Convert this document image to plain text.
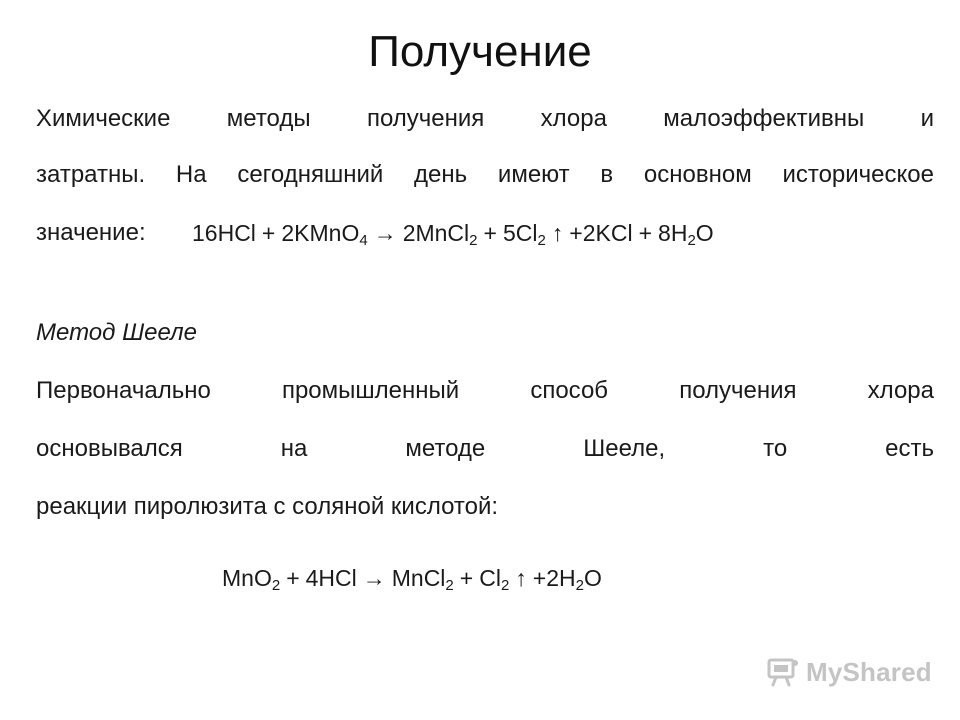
Получение
Химические методы получения хлора малоэффективны и
затратны. На сегодняшний день имеют в основном историческое
значение: 16HCl + 2KMnO$_4$ → 2MnCl$_2$ + $5Cl_2$ ↑ $+2KCl + 8H_2O$
Метод Шееле
Первоначально промышленный способ получения хлора
основывался на методе Шееле, то есть
реакции пиролюзита с соляной кислотой:
MnO$_2$ + 4HCl → MnCl$_2$ + $Cl_2$ ↑ $+2H_2O$
MyShared
